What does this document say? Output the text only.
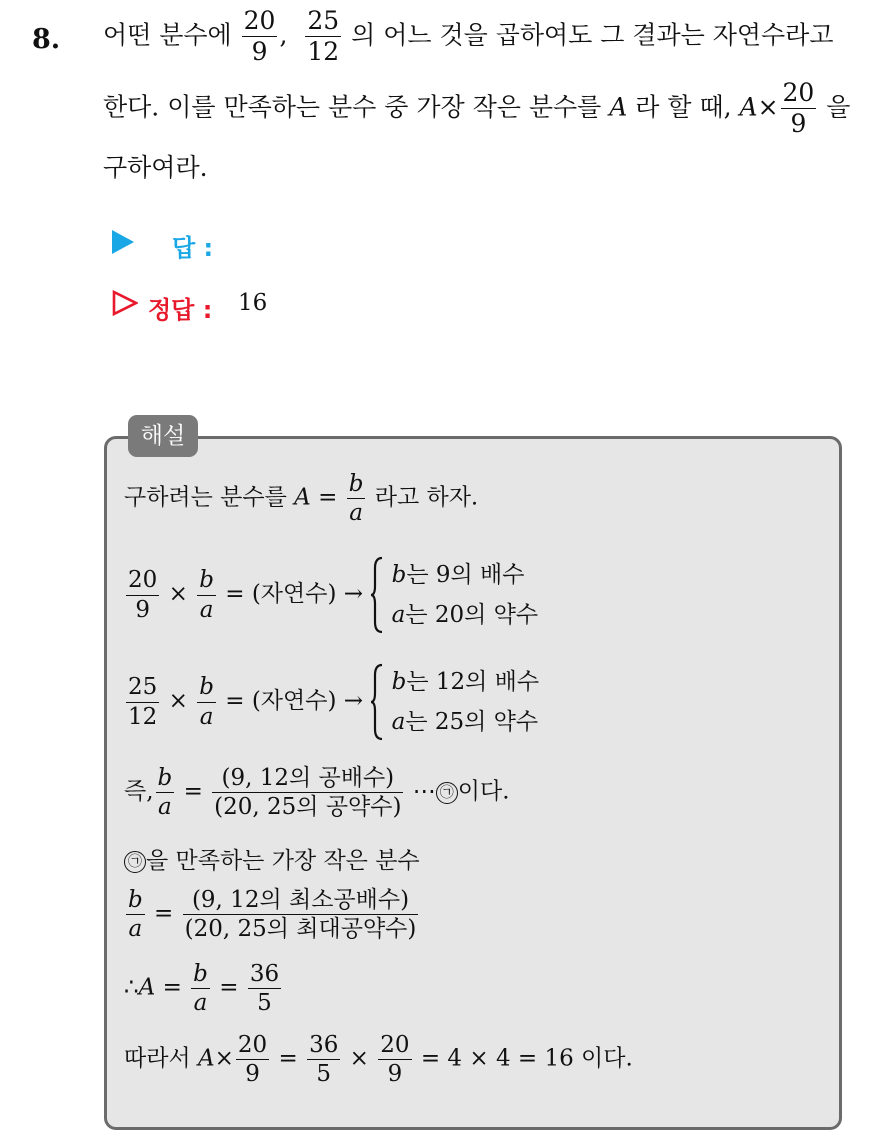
8. 어떤 분수에 $\frac{20}{9}$ , $\frac{25}{12}$ 의 어느 것을 곱하여도 그 결과는 자연수라고
한다. 이를 만족하는 분수 중 가장 작은 분수를 A 라 할 때, $A\times \frac{20}{9}$ 을
구하여라.
답 :
정답 : 16
해설
구하려는 분수를 $A = \frac{b}{a}$ 라고 하자.
$\frac{20}{9} \times \frac{b}{a}$ = (자연수) →
b는 9의 배수
a는 20의 약수
$\frac{25}{12} \times \frac{b}{a}$ = (자연수) →
b는 12의 배수
a는 25의 약수
즉, $\frac{b}{a} = \frac{\text{(9, 12의 공배수)}}{\text{(20, 25의 공약수)}}$ ⋯ ㉠ 이다.
㉠ 을 만족하는 가장 작은 분수
$\frac{b}{a} = \frac{\text{(9, 12의 최소공배수)}}{\text{(20, 25의 최대공약수)}}$
∴A = $\frac{b}{a} = \frac{36}{5}$
따라서 $A\times \frac{20}{9} = \frac{36}{5} \times \frac{20}{9} = 4 \times 4 = 16$ 이다.
